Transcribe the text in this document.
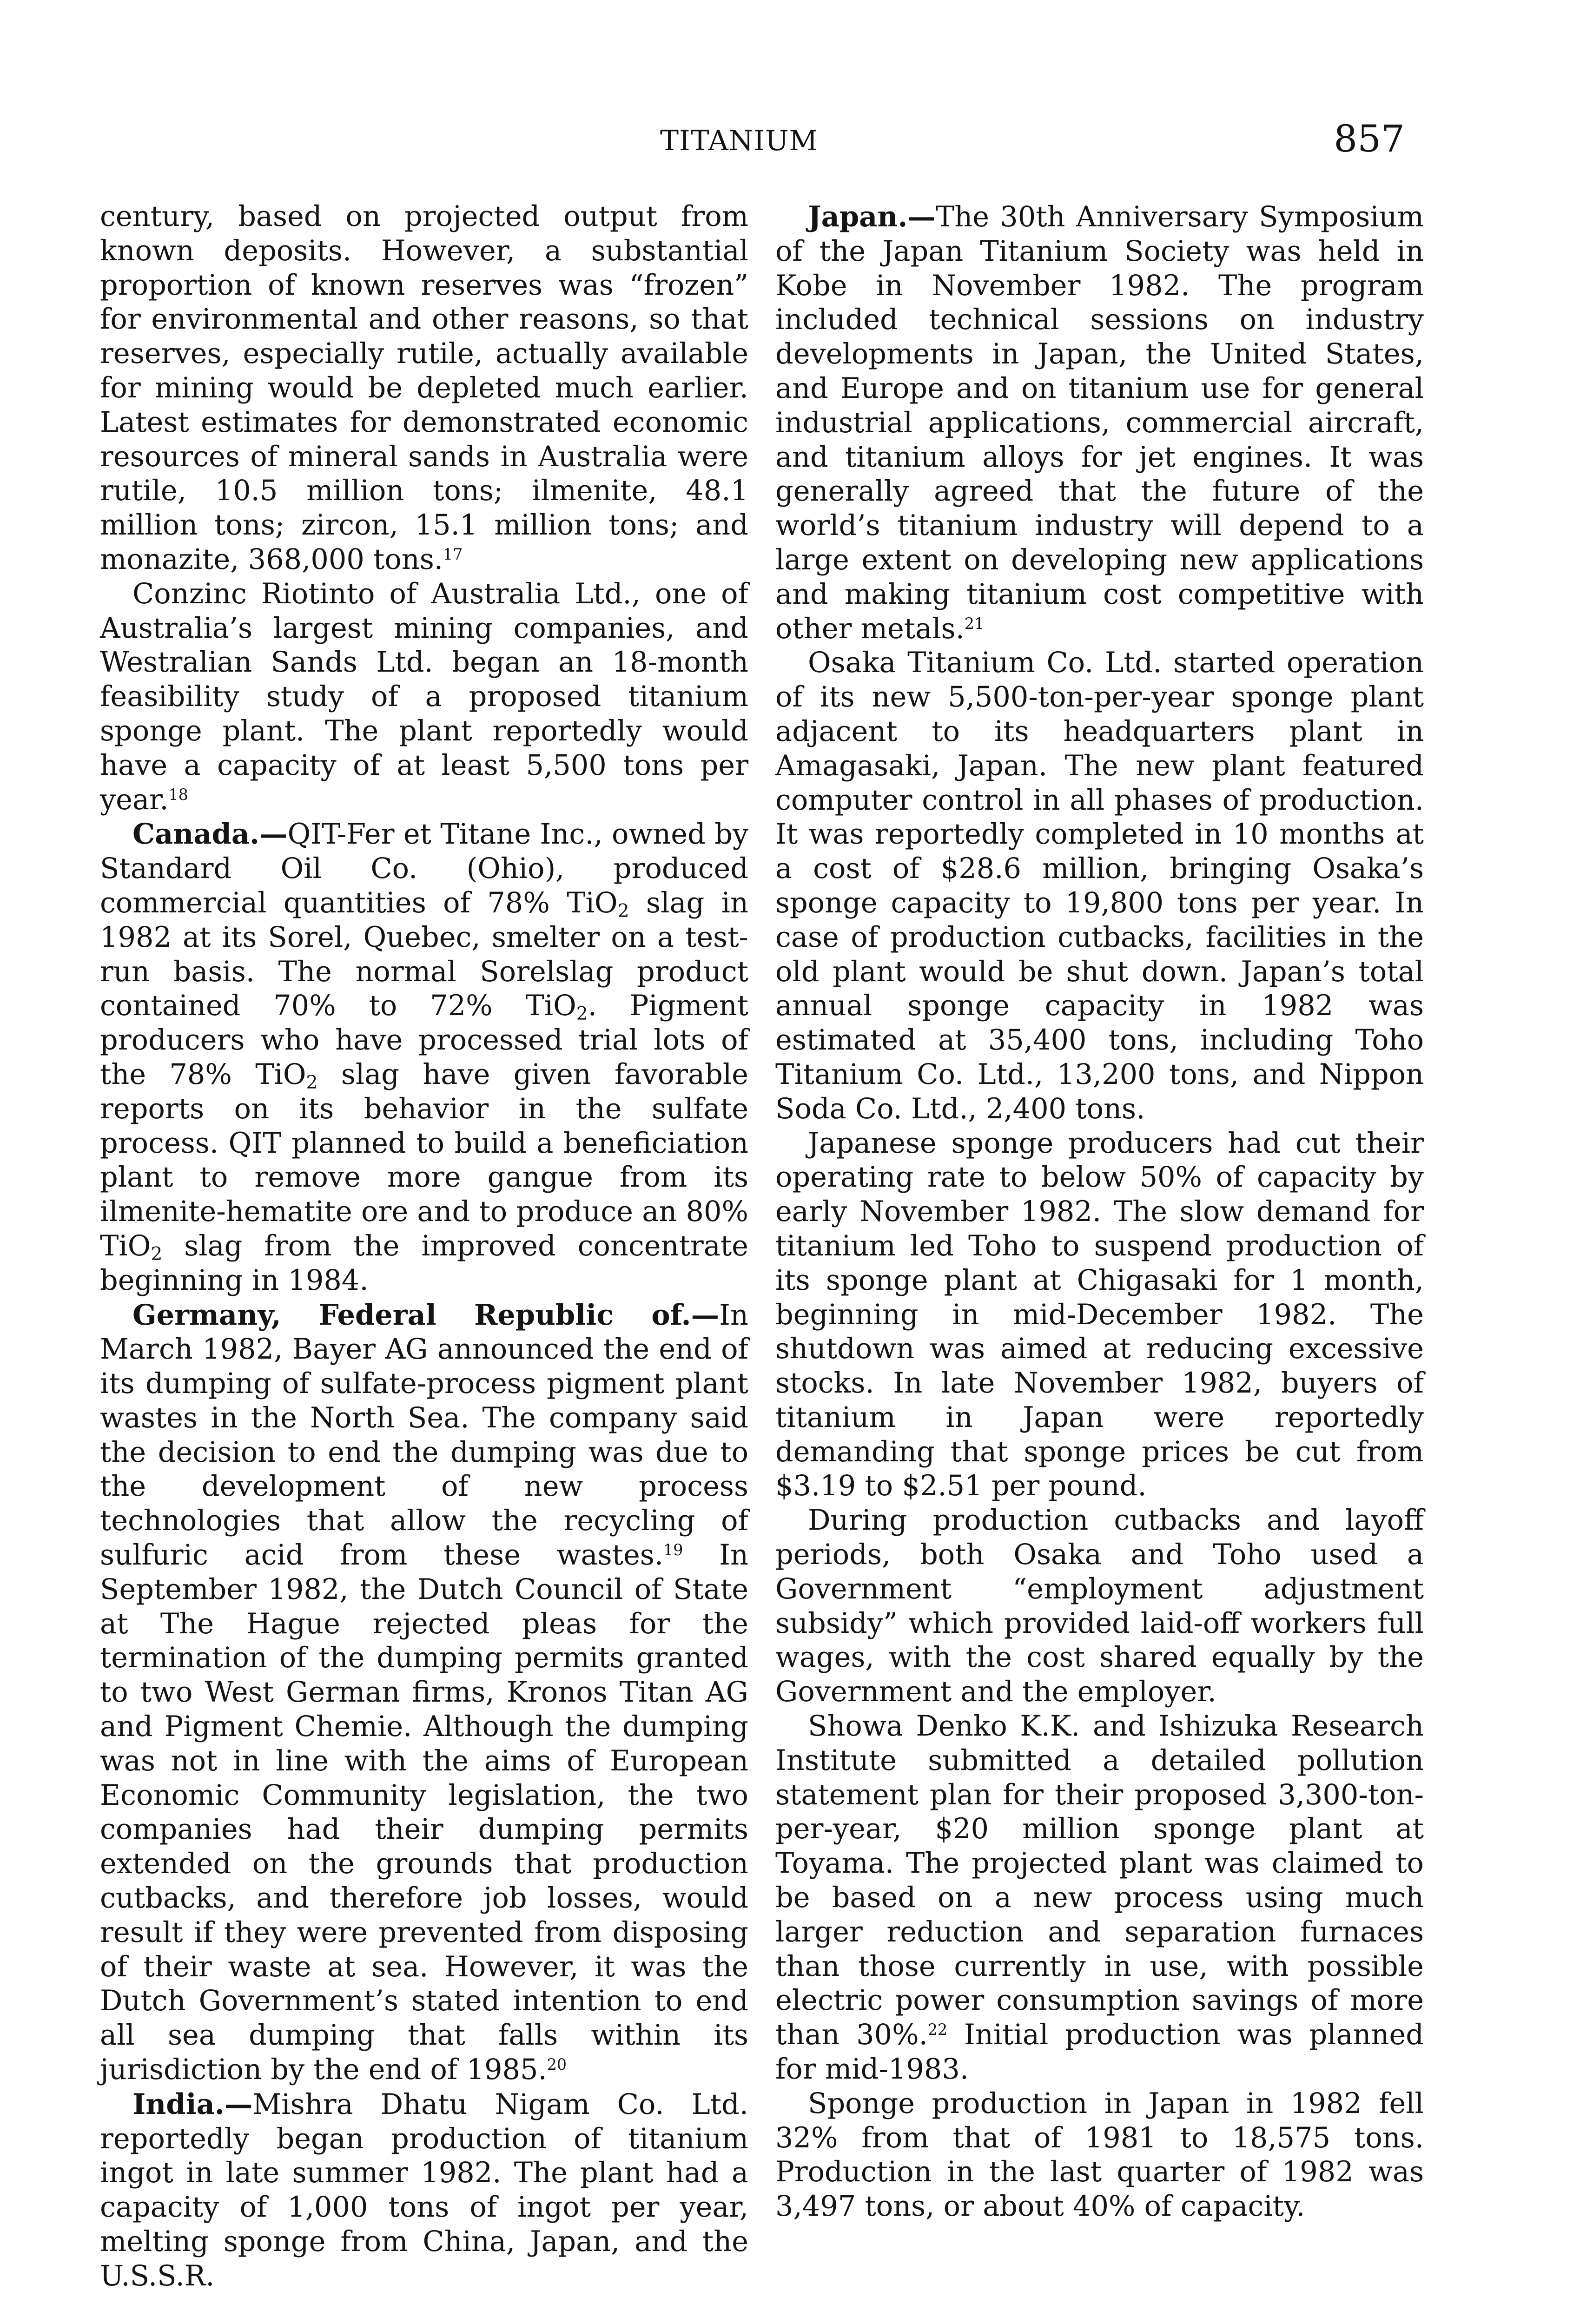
TITANIUM	857

century, based on projected output from known deposits. However, a substantial proportion of known reserves was “frozen” for environmental and other reasons, so that reserves, especially rutile, actually available for mining would be depleted much earlier. Latest estimates for demonstrated economic resources of mineral sands in Australia were rutile, 10.5 million tons; ilmenite, 48.1 million tons; zircon, 15.1 million tons; and monazite, 368,000 tons.$^{17}$

Conzinc Riotinto of Australia Ltd., one of Australia’s largest mining companies, and Westralian Sands Ltd. began an 18-month feasibility study of a proposed titanium sponge plant. The plant reportedly would have a capacity of at least 5,500 tons per year.$^{18}$

Canada.—QIT-Fer et Titane Inc., owned by Standard Oil Co. (Ohio), produced commercial quantities of 78% TiO$_2$ slag in 1982 at its Sorel, Quebec, smelter on a test-run basis. The normal Sorelslag product contained 70% to 72% TiO$_2$. Pigment producers who have processed trial lots of the 78% TiO$_2$ slag have given favorable reports on its behavior in the sulfate process. QIT planned to build a beneficiation plant to remove more gangue from its ilmenite-hematite ore and to produce an 80% TiO$_2$ slag from the improved concentrate beginning in 1984.

Germany, Federal Republic of.—In March 1982, Bayer AG announced the end of its dumping of sulfate-process pigment plant wastes in the North Sea. The company said the decision to end the dumping was due to the development of new process technologies that allow the recycling of sulfuric acid from these wastes.$^{19}$ In September 1982, the Dutch Council of State at The Hague rejected pleas for the termination of the dumping permits granted to two West German firms, Kronos Titan AG and Pigment Chemie. Although the dumping was not in line with the aims of European Economic Community legislation, the two companies had their dumping permits extended on the grounds that production cutbacks, and therefore job losses, would result if they were prevented from disposing of their waste at sea. However, it was the Dutch Government’s stated intention to end all sea dumping that falls within its jurisdiction by the end of 1985.20

India.—Mishra Dhatu Nigam Co. Ltd. reportedly began production of titanium ingot in late summer 1982. The plant had a capacity of 1,000 tons of ingot per year, melting sponge from China, Japan, and the U.S.S.R.

Japan.—The 30th Anniversary Symposium of the Japan Titanium Society was held in Kobe in November 1982. The program included technical sessions on industry developments in Japan, the United States, and Europe and on titanium use for general industrial applications, commercial aircraft, and titanium alloys for jet engines. It was generally agreed that the future of the world’s titanium industry will depend to a large extent on developing new applications and making titanium cost competitive with other metals.$^{21}$

Osaka Titanium Co. Ltd. started operation of its new 5,500-ton-per-year sponge plant adjacent to its headquarters plant in Amagasaki, Japan. The new plant featured computer control in all phases of production. It was reportedly completed in 10 months at a cost of $28.6 million, bringing Osaka’s sponge capacity to 19,800 tons per year. In case of production cutbacks, facilities in the old plant would be shut down. Japan’s total annual sponge capacity in 1982 was estimated at 35,400 tons, including Toho Titanium Co. Ltd., 13,200 tons, and Nippon Soda Co. Ltd., 2,400 tons.

Japanese sponge producers had cut their operating rate to below 50% of capacity by early November 1982. The slow demand for titanium led Toho to suspend production of its sponge plant at Chigasaki for 1 month, beginning in mid-December 1982. The shutdown was aimed at reducing excessive stocks. In late November 1982, buyers of titanium in Japan were reportedly demanding that sponge prices be cut from $3.19 to $2.51 per pound.

During production cutbacks and layoff periods, both Osaka and Toho used a Government “employment adjustment subsidy” which provided laid-off workers full wages, with the cost shared equally by the Government and the employer.

Showa Denko K.K. and Ishizuka Research Institute submitted a detailed pollution statement plan for their proposed 3,300-ton-per-year, $20 million sponge plant at Toyama. The projected plant was claimed to be based on a new process using much larger reduction and separation furnaces than those currently in use, with possible electric power consumption savings of more than 30%.$^{22}$ Initial production was planned for mid-1983.

Sponge production in Japan in 1982 fell 32% from that of 1981 to 18,575 tons. Production in the last quarter of 1982 was 3,497 tons, or about 40% of capacity.
